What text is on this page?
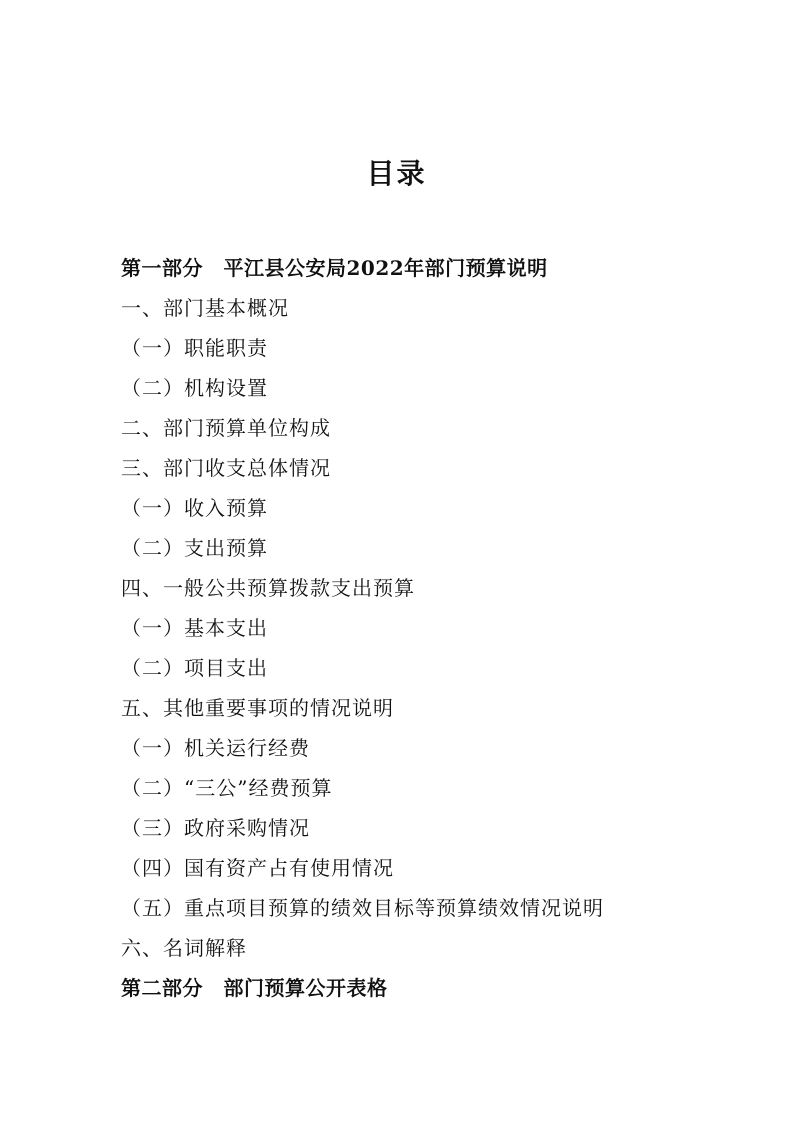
目录
第一部分　平江县公安局2022年部门预算说明
一、部门基本概况
（一）职能职责
（二）机构设置
二、部门预算单位构成
三、部门收支总体情况
（一）收入预算
（二）支出预算
四、一般公共预算拨款支出预算
（一）基本支出
（二）项目支出
五、其他重要事项的情况说明
（一）机关运行经费
（二）“三公”经费预算
（三）政府采购情况
（四）国有资产占有使用情况
（五）重点项目预算的绩效目标等预算绩效情况说明
六、名词解释
第二部分　部门预算公开表格
